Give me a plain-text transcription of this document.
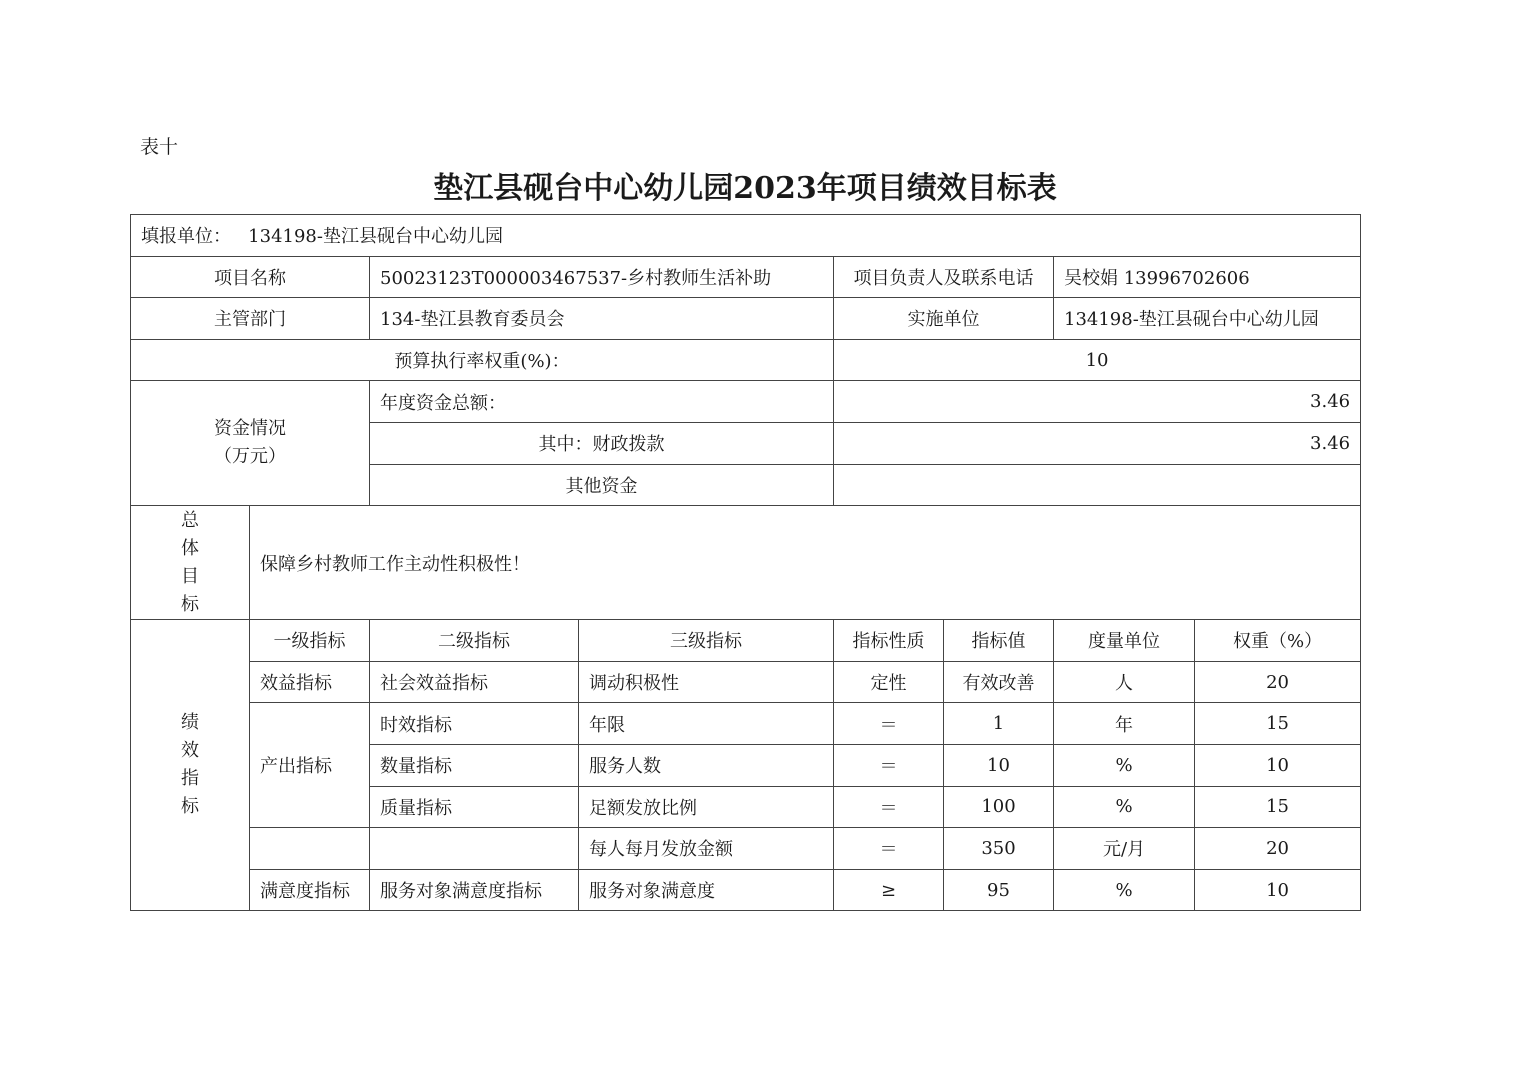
表十
垫江县砚台中心幼儿园2023年项目绩效目标表
填报单位： 134198-垫江县砚台中心幼儿园							
项目名称		50023123T000003467537-乡村教师生活补助		项目负责人及联系电话		吴校娟 13996702606	
主管部门		134-垫江县教育委员会		实施单位		134198-垫江县砚台中心幼儿园	
预算执行率权重(%)：				10			

资金情况
（万元）		年度资金总额：		3.46			
		其中：财政拨款		3.46			
		其他资金					

总
体
目
标	保障乡村教师工作主动性积极性！						

绩
效
指
标	一级指标	二级指标	三级指标	指标性质	指标值	度量单位	权重（%）
	效益指标	社会效益指标	调动积极性	定性	有效改善	人	20
	产出指标	时效指标	年限	＝	1	年	15
		数量指标	服务人数	＝	10	%	10
		质量指标	足额发放比例	＝	100	%	15
			每人每月发放金额	＝	350	元/月	20
	满意度指标	服务对象满意度指标	服务对象满意度	≥	95	%	10
